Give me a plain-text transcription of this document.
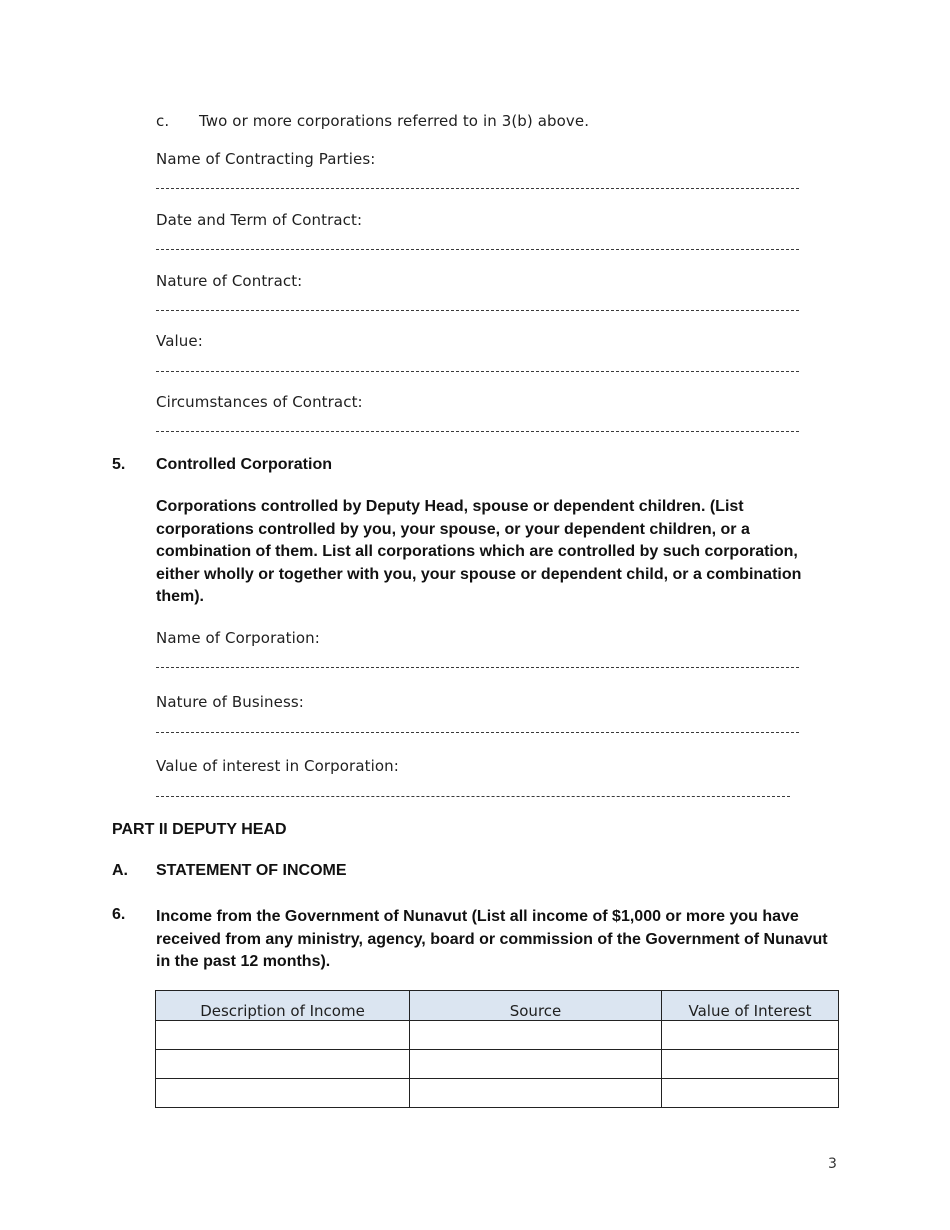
c. Two or more corporations referred to in 3(b) above.
Name of Contracting Parties:
Date and Term of Contract:
Nature of Contract:
Value:
Circumstances of Contract:
5. Controlled Corporation
Corporations controlled by Deputy Head, spouse or dependent children. (List corporations controlled by you, your spouse, or your dependent children, or a combination of them. List all corporations which are controlled by such corporation, either wholly or together with you, your spouse or dependent child, or a combination them).
Name of Corporation:
Nature of Business:
Value of interest in Corporation:
PART II DEPUTY HEAD
A. STATEMENT OF INCOME
6. Income from the Government of Nunavut (List all income of $1,000 or more you have received from any ministry, agency, board or commission of the Government of Nunavut in the past 12 months).
Description of Income	Source	Value of Interest

3
